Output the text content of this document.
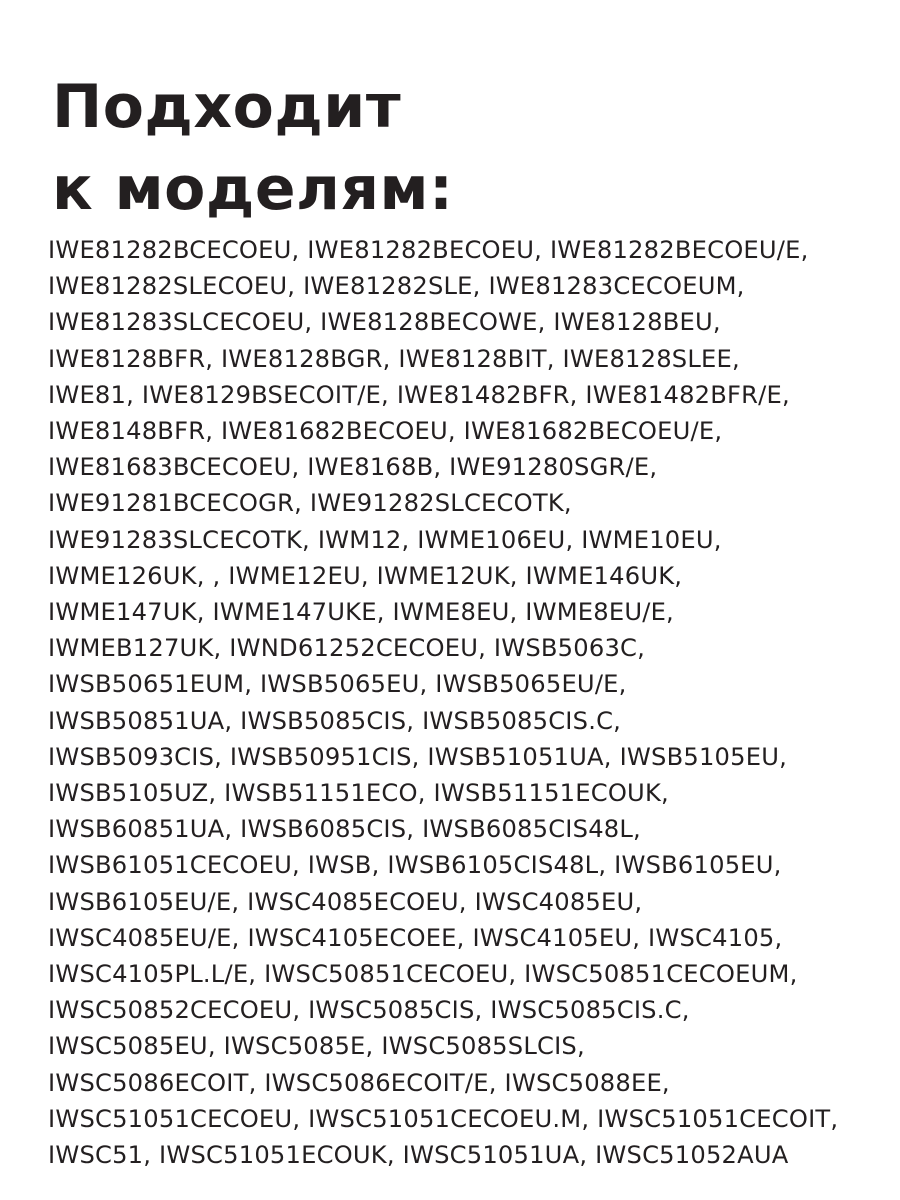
Подходит
к моделям:
IWE81282BCECOEU, IWE81282BECOEU, IWE81282BECOEU/E,
IWE81282SLECOEU, IWE81282SLE, IWE81283CECOEUM,
IWE81283SLCECOEU, IWE8128BECOWE, IWE8128BEU,
IWE8128BFR, IWE8128BGR, IWE8128BIT, IWE8128SLEE,
IWE81, IWE8129BSECOIT/E, IWE81482BFR, IWE81482BFR/E,
IWE8148BFR, IWE81682BECOEU, IWE81682BECOEU/E,
IWE81683BCECOEU, IWE8168B, IWE91280SGR/E,
IWE91281BCECOGR, IWE91282SLCECOTK,
IWE91283SLCECOTK, IWM12, IWME106EU, IWME10EU,
IWME126UK, , IWME12EU, IWME12UK, IWME146UK,
IWME147UK, IWME147UKE, IWME8EU, IWME8EU/E,
IWMEB127UK, IWND61252CECOEU, IWSB5063C,
IWSB50651EUM, IWSB5065EU, IWSB5065EU/E,
IWSB50851UA, IWSB5085CIS, IWSB5085CIS.C,
IWSB5093CIS, IWSB50951CIS, IWSB51051UA, IWSB5105EU,
IWSB5105UZ, IWSB51151ECO, IWSB51151ECOUK,
IWSB60851UA, IWSB6085CIS, IWSB6085CIS48L,
IWSB61051CECOEU, IWSB, IWSB6105CIS48L, IWSB6105EU,
IWSB6105EU/E, IWSC4085ECOEU, IWSC4085EU,
IWSC4085EU/E, IWSC4105ECOEE, IWSC4105EU, IWSC4105,
IWSC4105PL.L/E, IWSC50851CECOEU, IWSC50851CECOEUM,
IWSC50852CECOEU, IWSC5085CIS, IWSC5085CIS.C,
IWSC5085EU, IWSC5085E, IWSC5085SLCIS,
IWSC5086ECOIT, IWSC5086ECOIT/E, IWSC5088EE,
IWSC51051CECOEU, IWSC51051CECOEU.M, IWSC51051CECOIT,
IWSC51, IWSC51051ECOUK, IWSC51051UA, IWSC51052AUA
